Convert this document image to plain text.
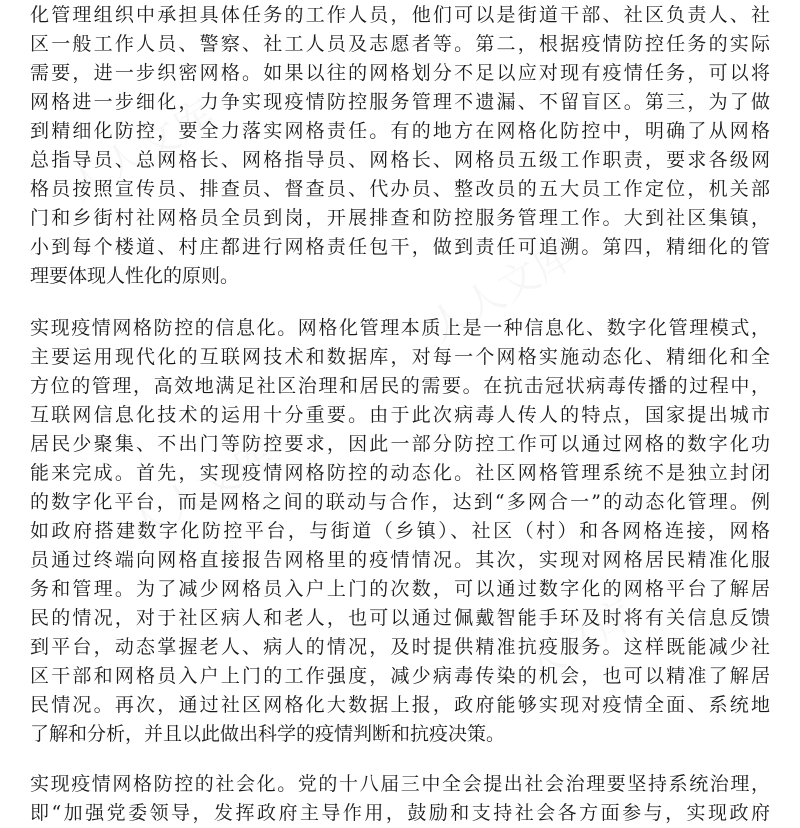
化管理组织中承担具体任务的工作人员，他们可以是街道干部、社区负责人、社
区一般工作人员、警察、社工人员及志愿者等。第二，根据疫情防控任务的实际
需要，进一步织密网格。如果以往的网格划分不足以应对现有疫情任务，可以将
网格进一步细化，力争实现疫情防控服务管理不遗漏、不留盲区。第三，为了做
到精细化防控，要全力落实网格责任。有的地方在网格化防控中，明确了从网格
总指导员、总网格长、网格指导员、网格长、网格员五级工作职责，要求各级网
格员按照宣传员、排查员、督查员、代办员、整改员的五大员工作定位，机关部
门和乡街村社网格员全员到岗，开展排查和防控服务管理工作。大到社区集镇，
小到每个楼道、村庄都进行网格责任包干，做到责任可追溯。第四，精细化的管
理要体现人性化的原则。
实现疫情网格防控的信息化。网格化管理本质上是一种信息化、数字化管理模式，
主要运用现代化的互联网技术和数据库，对每一个网格实施动态化、精细化和全
方位的管理，高效地满足社区治理和居民的需要。在抗击冠状病毒传播的过程中，
互联网信息化技术的运用十分重要。由于此次病毒人传人的特点，国家提出城市
居民少聚集、不出门等防控要求，因此一部分防控工作可以通过网格的数字化功
能来完成。首先，实现疫情网格防控的动态化。社区网格管理系统不是独立封闭
的数字化平台，而是网格之间的联动与合作，达到“多网合一”的动态化管理。例
如政府搭建数字化防控平台，与街道（乡镇）、社区（村）和各网格连接，网格
员通过终端向网格直接报告网格里的疫情情况。其次，实现对网格居民精准化服
务和管理。为了减少网格员入户上门的次数，可以通过数字化的网格平台了解居
民的情况，对于社区病人和老人，也可以通过佩戴智能手环及时将有关信息反馈
到平台，动态掌握老人、病人的情况，及时提供精准抗疫服务。这样既能减少社
区干部和网格员入户上门的工作强度，减少病毒传染的机会，也可以精准了解居
民情况。再次，通过社区网格化大数据上报，政府能够实现对疫情全面、系统地
了解和分析，并且以此做出科学的疫情判断和抗疫决策。
实现疫情网格防控的社会化。党的十八届三中全会提出社会治理要坚持系统治理，
即“加强党委领导，发挥政府主导作用，鼓励和支持社会各方面参与，实现政府
